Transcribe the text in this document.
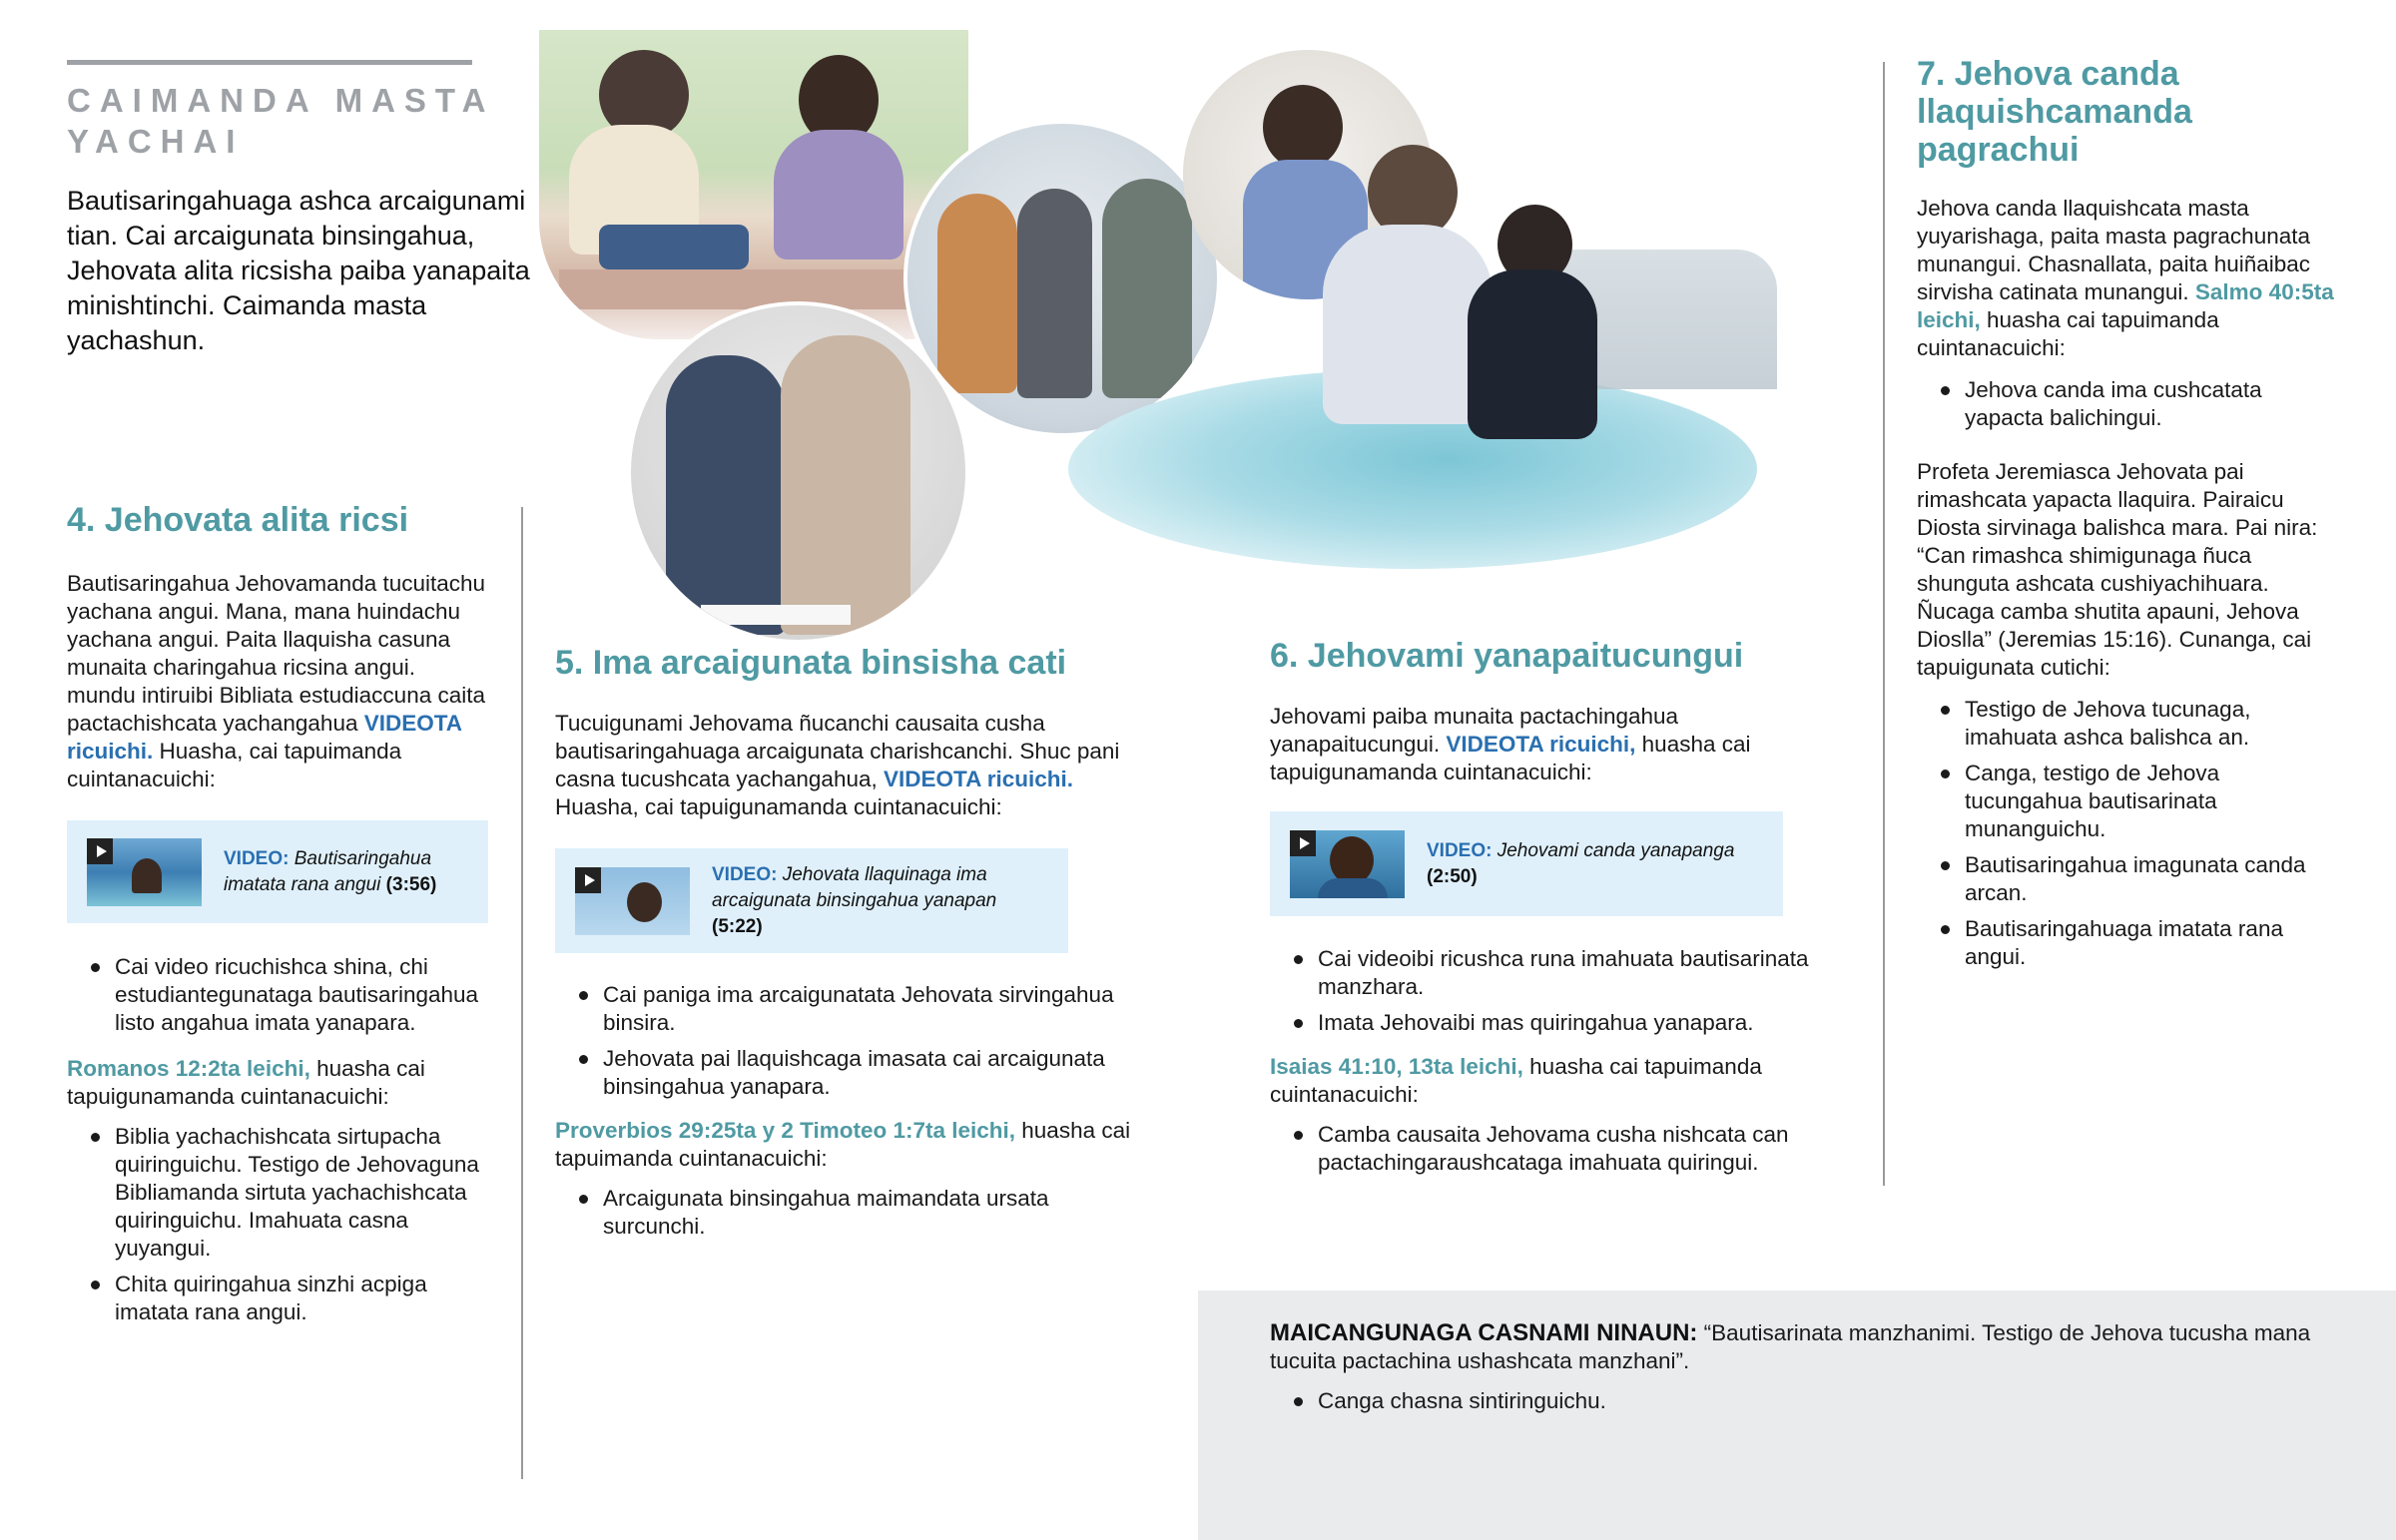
CAIMANDA MASTA YACHAI
Bautisaringahuaga ashca arcaigunami tian. Cai arcaigunata binsingahua, Jehovata alita ricsisha paiba yanapaita minishtinchi. Caimanda masta yachashun.
4. Jehovata alita ricsi
Bautisaringahua Jehovamanda tucuitachu yachana angui. Mana, mana huindachu yachana angui. Paita llaquisha casuna munaita charingahua ricsina angui. mundu intiruibi Bibliata estudiaccuna caita pactachishcata yachangahua VIDEOTA ricuichi. Huasha, cai tapuimanda cuintanacuichi:
VIDEO: Bautisaringahua imatata rana angui (3:56)
Cai video ricuchishca shina, chi estudiantegunataga bautisaringahua listo angahua imata yanapara.
Romanos 12:2ta leichi, huasha cai tapuigunamanda cuintanacuichi:
Biblia yachachishcata sirtupacha quiringuichu. Testigo de Jehovaguna Bibliamanda sirtuta yachachishcata quiringuichu. Imahuata casna yuyangui.
Chita quiringahua sinzhi acpiga imatata rana angui.
5. Ima arcaigunata binsisha cati
Tucuigunami Jehovama ñucanchi causaita cusha bautisaringahuaga arcaigunata charishcanchi. Shuc pani casna tucushcata yachangahua, VIDEOTA ricuichi. Huasha, cai tapuigunamanda cuintanacuichi:
VIDEO: Jehovata llaquinaga ima arcaigunata binsingahua yanapan (5:22)
Cai paniga ima arcaigunatata Jehovata sirvingahua binsira.
Jehovata pai llaquishcaga imasata cai arcaigunata binsingahua yanapara.
Proverbios 29:25ta y 2 Timoteo 1:7ta leichi, huasha cai tapuimanda cuintanacuichi:
Arcaigunata binsingahua maimandata ursata surcunchi.
6. Jehovami yanapaitucungui
Jehovami paiba munaita pactachingahua yanapaitucungui. VIDEOTA ricuichi, huasha cai tapuigunamanda cuintanacuichi:
VIDEO: Jehovami canda yanapanga (2:50)
Cai videoibi ricushca runa imahuata bautisarinata manzhara.
Imata Jehovaibi mas quiringahua yanapara.
Isaias 41:10, 13ta leichi, huasha cai tapuimanda cuintanacuichi:
Camba causaita Jehovama cusha nishcata can pactachingaraushcataga imahuata quiringui.
7. Jehova canda llaquishcamanda pagrachui
Jehova canda llaquishcata masta yuyarishaga, paita masta pagrachunata munangui. Chasnallata, paita huiñaibac sirvisha catinata munangui. Salmo 40:5ta leichi, huasha cai tapuimanda cuintanacuichi:
Jehova canda ima cushcatata yapacta balichingui.
Profeta Jeremiasca Jehovata pai rimashcata yapacta llaquira. Pairaicu Diosta sirvinaga balishca mara. Pai nira: “Can rimashca shimigunaga ñuca shunguta ashcata cushiyachihuara. Ñucaga camba shutita apauni, Jehova Diosllа” (Jeremias 15:16). Cunanga, cai tapuigunata cutichi:
Testigo de Jehova tucunaga, imahuata ashca balishca an.
Canga, testigo de Jehova tucungahua bautisarinata munanguichu.
Bautisaringahua imagunata canda arcan.
Bautisaringahuaga imatata rana angui.
MAICANGUNAGA CASNAMI NINAUN: “Bautisarinata manzhanimi. Testigo de Jehova tucusha mana tucuita pactachina ushashcata manzhani”.
Canga chasna sintiringuichu.
